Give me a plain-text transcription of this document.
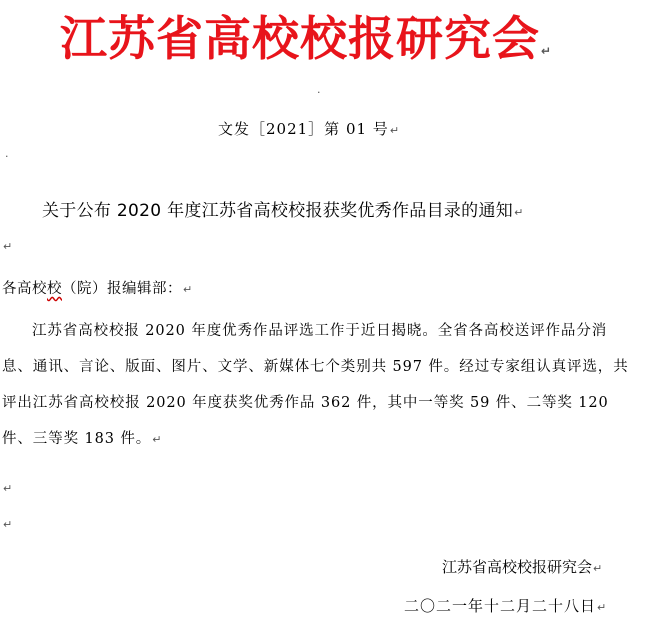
江苏省高校校报研究会↵
·
文发［2021］第 01 号↵
·
关于公布 2020 年度江苏省高校校报获奖优秀作品目录的通知↵
↵
各高校校（院）报编辑部：↵
江苏省高校校报 2020 年度优秀作品评选工作于近日揭晓。全省各高校送评作品分消息、通讯、言论、版面、图片、文学、新媒体七个类别共 597 件。经过专家组认真评选，共评出江苏省高校校报 2020 年度获奖优秀作品 362 件，其中一等奖 59 件、二等奖 120 件、三等奖 183 件。↵
↵
↵
江苏省高校校报研究会↵
二〇二一年十二月二十八日↵
